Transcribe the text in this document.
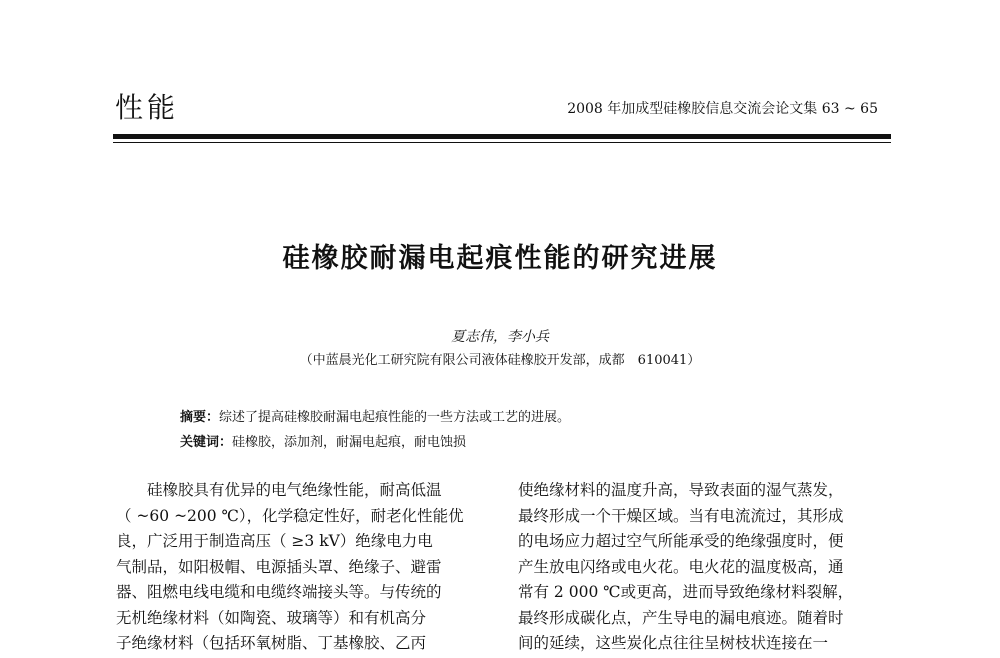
性能	2008 年加成型硅橡胶信息交流会论文集 63 ~ 65
硅橡胶耐漏电起痕性能的研究进展
夏志伟，李小兵
（中蓝晨光化工研究院有限公司液体硅橡胶开发部，成都　610041）
摘要：综述了提高硅橡胶耐漏电起痕性能的一些方法或工艺的进展。
关键词：硅橡胶，添加剂，耐漏电起痕，耐电蚀损

硅橡胶具有优异的电气绝缘性能，耐高低温

（ ~60 ~200 ℃），化学稳定性好，耐老化性能优

良，广泛用于制造高压（ ≥3 kV）绝缘电力电

气制品，如阳极帽、电源插头罩、绝缘子、避雷

器、阻燃电线电缆和电缆终端接头等。与传统的

无机绝缘材料（如陶瓷、玻璃等）和有机高分

子绝缘材料（包括环氧树脂、丁基橡胶、乙丙

使绝缘材料的温度升高，导致表面的湿气蒸发，

最终形成一个干燥区域。当有电流流过，其形成

的电场应力超过空气所能承受的绝缘强度时，便

产生放电闪络或电火花。电火花的温度极高，通

常有 2 000 ℃或更高，进而导致绝缘材料裂解，

最终形成碳化点，产生导电的漏电痕迹。随着时

间的延续，这些炭化点往往呈树枝状连接在一
